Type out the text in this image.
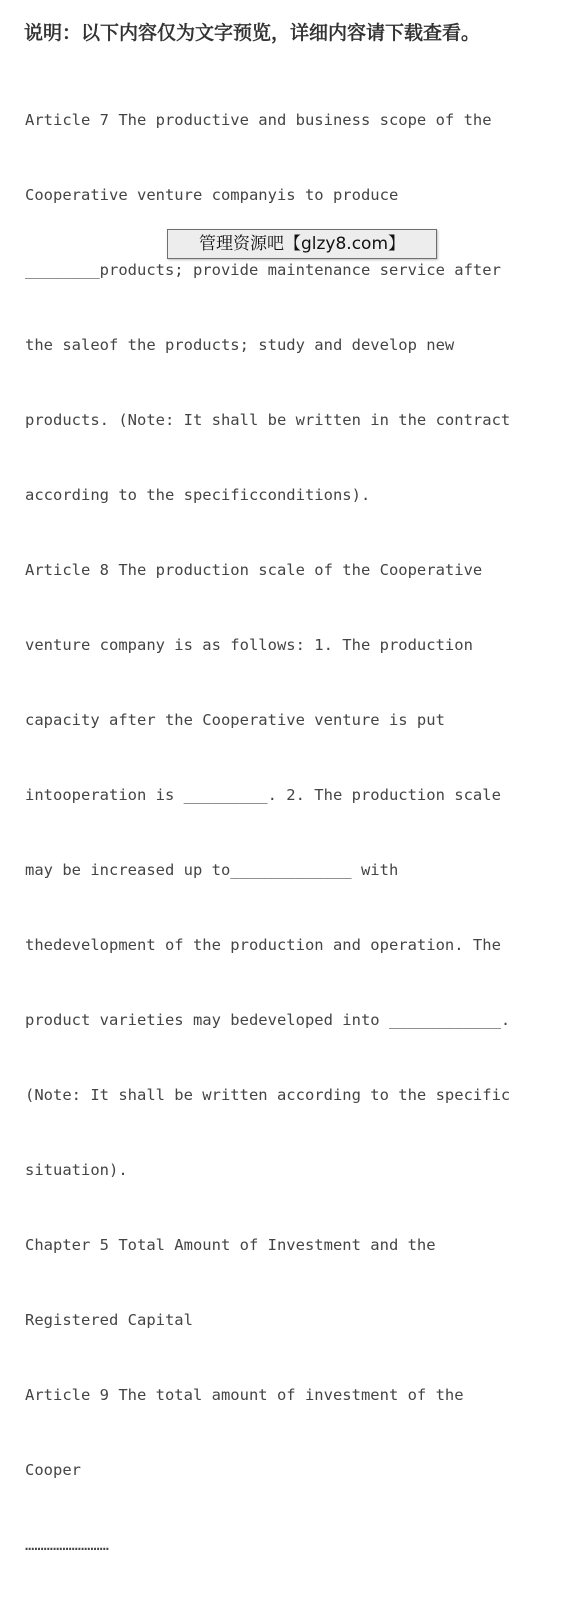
说明：以下内容仅为文字预览，详细内容请下载查看。

Article 7 The productive and business scope of the

Cooperative venture companyis to produce

________products; provide maintenance service after

the saleof the products; study and develop new

products. (Note: It shall be written in the contract

according to the specificconditions).

Article 8 The production scale of the Cooperative

venture company is as follows: 1. The production

capacity after the Cooperative venture is put

intooperation is _________. 2. The production scale

may be increased up to_____________ with

thedevelopment of the production and operation. The

product varieties may bedeveloped into ____________.

(Note: It shall be written according to the specific

situation).

Chapter 5 Total Amount of Investment and the

Registered Capital

Article 9 The total amount of investment of the

Cooper

………………………

管理资源吧【glzy8.com】
